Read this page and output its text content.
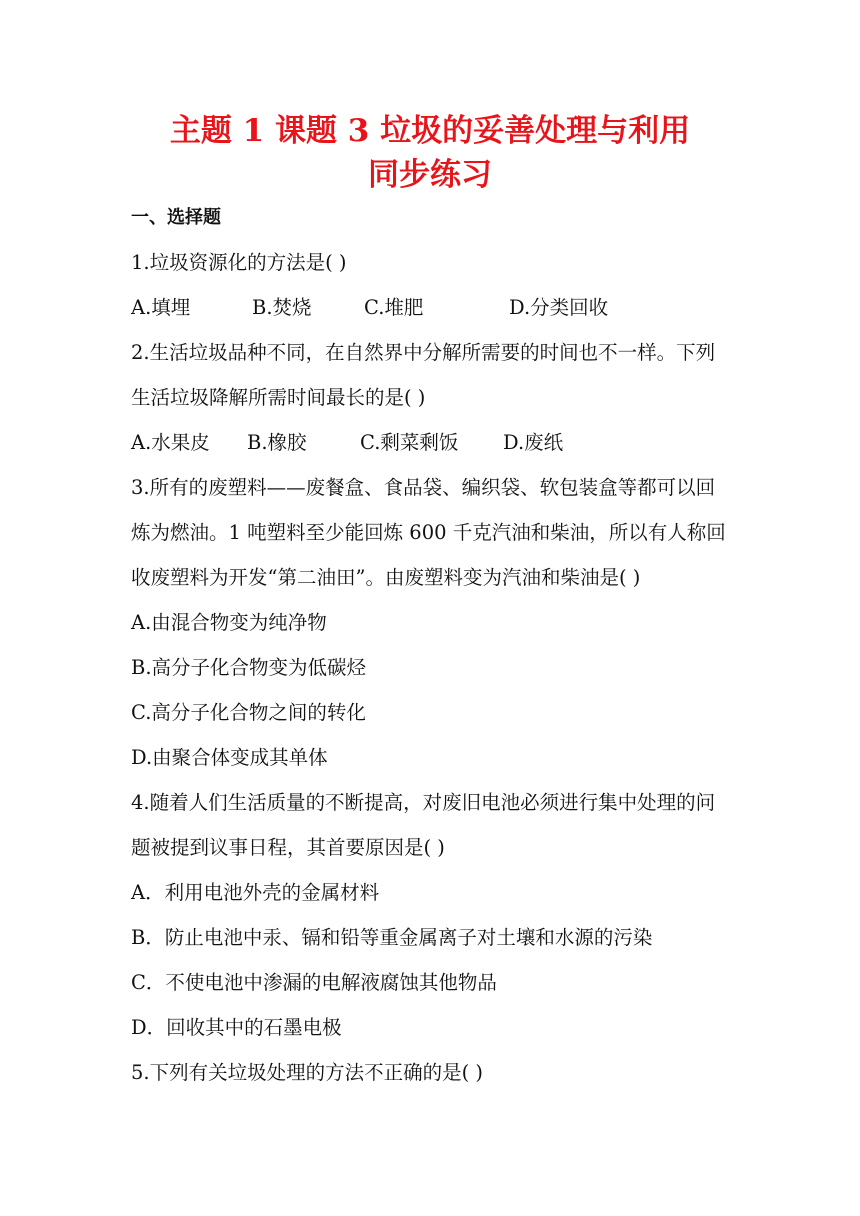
主题 1 课题 3 垃圾的妥善处理与利用
同步练习
一、选择题
1.垃圾资源化的方法是( )
A.填埋	B.焚烧	C.堆肥	D.分类回收
2.生活垃圾品种不同，在自然界中分解所需要的时间也不一样。下列
生活垃圾降解所需时间最长的是( )
A.水果皮 B.橡胶	C.剩菜剩饭 D.废纸
3.所有的废塑料——废餐盒、食品袋、编织袋、软包装盒等都可以回
炼为燃油。1 吨塑料至少能回炼 600 千克汽油和柴油，所以有人称回
收废塑料为开发“第二油田”。由废塑料变为汽油和柴油是( )
A.由混合物变为纯净物
B.高分子化合物变为低碳烃
C.高分子化合物之间的转化
D.由聚合体变成其单体
4.随着人们生活质量的不断提高，对废旧电池必须进行集中处理的问
题被提到议事日程，其首要原因是( )
A．利用电池外壳的金属材料
B．防止电池中汞、镉和铅等重金属离子对土壤和水源的污染
C．不使电池中渗漏的电解液腐蚀其他物品
D．回收其中的石墨电极
5.下列有关垃圾处理的方法不正确的是( )
